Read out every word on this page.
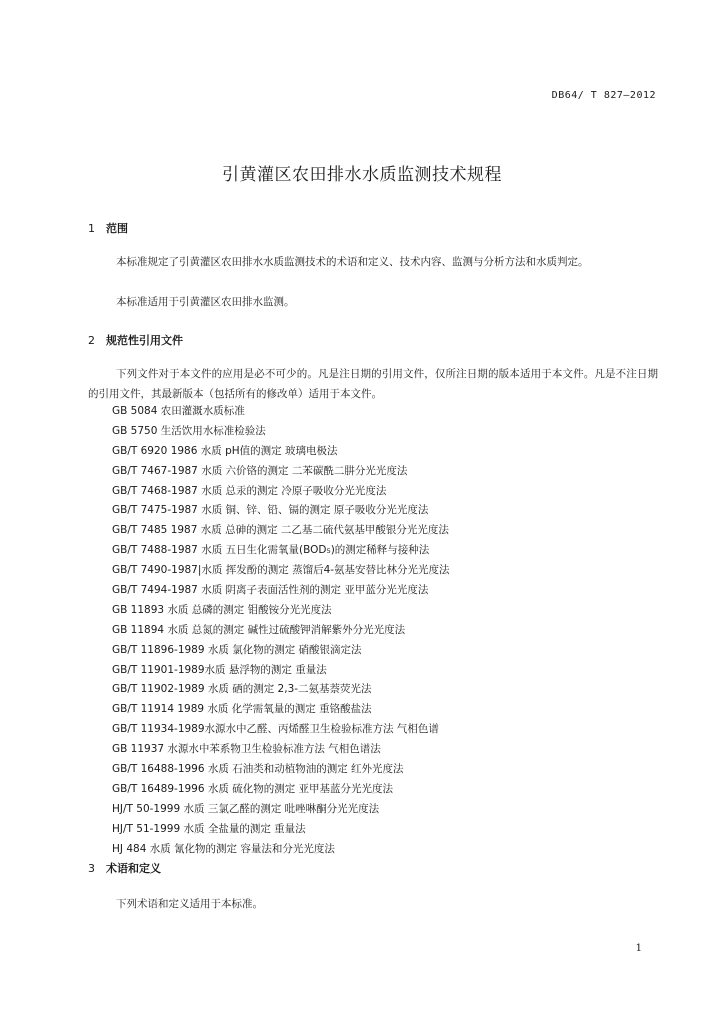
DB64/ T 827—2012
引黄灌区农田排水水质监测技术规程
1 范围

本标准规定了引黄灌区农田排水水质监测技术的术语和定义、技术内容、监测与分析方法和水质判定。

本标准适用于引黄灌区农田排水监测。

2 规范性引用文件

下列文件对于本文件的应用是必不可少的。凡是注日期的引用文件，仅所注日期的版本适用于本文件。凡是不注日期的引用文件，其最新版本（包括所有的修改单）适用于本文件。

GB 5084 农田灌溉水质标准
GB 5750 生活饮用水标准检验法
GB/T 6920 1986 水质 pH值的测定 玻璃电极法
GB/T 7467-1987 水质 六价铬的测定 二苯碳酰二肼分光光度法
GB/T 7468-1987 水质 总汞的测定 冷原子吸收分光光度法
GB/T 7475-1987 水质 铜、锌、铅、镉的测定 原子吸收分光光度法
GB/T 7485 1987 水质 总砷的测定 二乙基二硫代氨基甲酸银分光光度法
GB/T 7488-1987 水质 五日生化需氧量(BOD₅)的测定稀释与接种法
GB/T 7490-1987|水质 挥发酚的测定 蒸馏后4-氨基安替比林分光光度法
GB/T 7494-1987 水质 阴离子表面活性剂的测定 亚甲蓝分光光度法
GB 11893 水质 总磷的测定 钼酸铵分光光度法
GB 11894 水质 总氮的测定 碱性过硫酸钾消解紫外分光光度法
GB/T 11896-1989 水质 氯化物的测定 硝酸银滴定法
GB/T 11901-1989水质 悬浮物的测定 重量法
GB/T 11902-1989 水质 硒的测定 2,3-二氨基萘荧光法
GB/T 11914 1989 水质 化学需氧量的测定 重铬酸盐法
GB/T 11934-1989水源水中乙醛、丙烯醛卫生检验标准方法 气相色谱
GB 11937 水源水中苯系物卫生检验标准方法 气相色谱法
GB/T 16488-1996 水质 石油类和动植物油的测定 红外光度法
GB/T 16489-1996 水质 硫化物的测定 亚甲基蓝分光光度法
HJ/T 50-1999 水质 三氯乙醛的测定 吡唑啉酮分光光度法
HJ/T 51-1999 水质 全盐量的测定 重量法
HJ 484 水质 氰化物的测定 容量法和分光光度法
3 术语和定义

下列术语和定义适用于本标准。

1
